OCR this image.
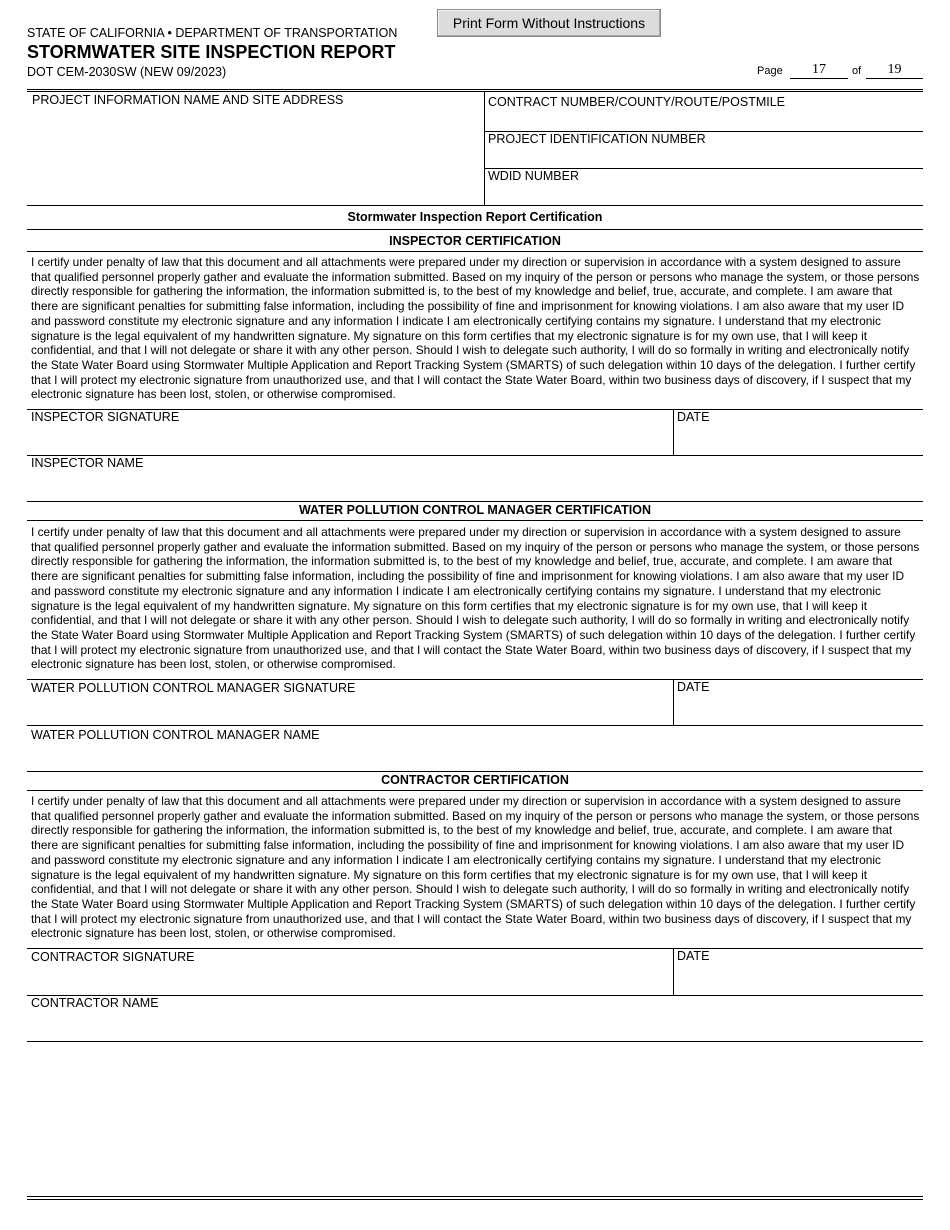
STATE OF CALIFORNIA • DEPARTMENT OF TRANSPORTATION
STORMWATER SITE INSPECTION REPORT
DOT CEM-2030SW (NEW 09/2023)
Print Form Without Instructions
Page	17	of	19
PROJECT INFORMATION NAME AND SITE ADDRESS	CONTRACT NUMBER/COUNTY/ROUTE/POSTMILE
PROJECT IDENTIFICATION NUMBER
WDID NUMBER
Stormwater Inspection Report Certification
INSPECTOR CERTIFICATION
I certify under penalty of law that this document and all attachments were prepared under my direction or supervision in accordance with a system designed to assure that qualified personnel properly gather and evaluate the information submitted. Based on my inquiry of the person or persons who manage the system, or those persons directly responsible for gathering the information, the information submitted is, to the best of my knowledge and belief, true, accurate, and complete. I am aware that there are significant penalties for submitting false information, including the possibility of fine and imprisonment for knowing violations. I am also aware that my user ID and password constitute my electronic signature and any information I indicate I am electronically certifying contains my signature. I understand that my electronic signature is the legal equivalent of my handwritten signature. My signature on this form certifies that my electronic signature is for my own use, that I will keep it confidential, and that I will not delegate or share it with any other person. Should I wish to delegate such authority, I will do so formally in writing and electronically notify the State Water Board using Stormwater Multiple Application and Report Tracking System (SMARTS) of such delegation within 10 days of the delegation. I further certify that I will protect my electronic signature from unauthorized use, and that I will contact the State Water Board, within two business days of discovery, if I suspect that my electronic signature has been lost, stolen, or otherwise compromised.
INSPECTOR SIGNATURE	DATE
INSPECTOR NAME
WATER POLLUTION CONTROL MANAGER CERTIFICATION
I certify under penalty of law that this document and all attachments were prepared under my direction or supervision in accordance with a system designed to assure that qualified personnel properly gather and evaluate the information submitted. Based on my inquiry of the person or persons who manage the system, or those persons directly responsible for gathering the information, the information submitted is, to the best of my knowledge and belief, true, accurate, and complete. I am aware that there are significant penalties for submitting false information, including the possibility of fine and imprisonment for knowing violations. I am also aware that my user ID and password constitute my electronic signature and any information I indicate I am electronically certifying contains my signature. I understand that my electronic signature is the legal equivalent of my handwritten signature. My signature on this form certifies that my electronic signature is for my own use, that I will keep it confidential, and that I will not delegate or share it with any other person. Should I wish to delegate such authority, I will do so formally in writing and electronically notify the State Water Board using Stormwater Multiple Application and Report Tracking System (SMARTS) of such delegation within 10 days of the delegation. I further certify that I will protect my electronic signature from unauthorized use, and that I will contact the State Water Board, within two business days of discovery, if I suspect that my electronic signature has been lost, stolen, or otherwise compromised.
WATER POLLUTION CONTROL MANAGER SIGNATURE	DATE
WATER POLLUTION CONTROL MANAGER NAME
CONTRACTOR CERTIFICATION
I certify under penalty of law that this document and all attachments were prepared under my direction or supervision in accordance with a system designed to assure that qualified personnel properly gather and evaluate the information submitted. Based on my inquiry of the person or persons who manage the system, or those persons directly responsible for gathering the information, the information submitted is, to the best of my knowledge and belief, true, accurate, and complete. I am aware that there are significant penalties for submitting false information, including the possibility of fine and imprisonment for knowing violations. I am also aware that my user ID and password constitute my electronic signature and any information I indicate I am electronically certifying contains my signature. I understand that my electronic signature is the legal equivalent of my handwritten signature. My signature on this form certifies that my electronic signature is for my own use, that I will keep it confidential, and that I will not delegate or share it with any other person. Should I wish to delegate such authority, I will do so formally in writing and electronically notify the State Water Board using Stormwater Multiple Application and Report Tracking System (SMARTS) of such delegation within 10 days of the delegation. I further certify that I will protect my electronic signature from unauthorized use, and that I will contact the State Water Board, within two business days of discovery, if I suspect that my electronic signature has been lost, stolen, or otherwise compromised.
CONTRACTOR SIGNATURE	DATE
CONTRACTOR NAME
